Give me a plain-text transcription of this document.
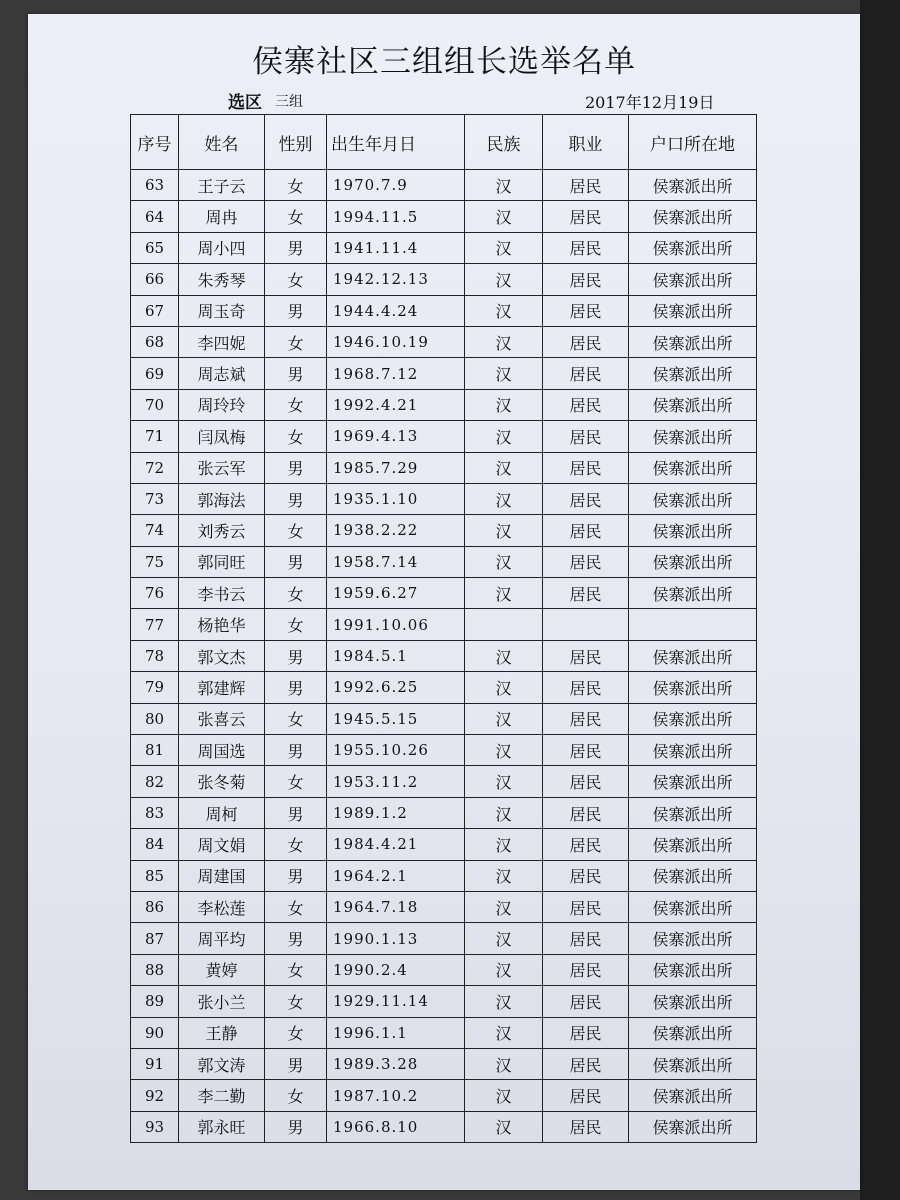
侯寨社区三组组长选举名单
选区 三组	2017年12月19日
序号	姓名	性别	出生年月日	民族	职业	户口所在地
63	王子云	女	1970.7.9	汉	居民	侯寨派出所
64	周冉	女	1994.11.5	汉	居民	侯寨派出所
65	周小四	男	1941.11.4	汉	居民	侯寨派出所
66	朱秀琴	女	1942.12.13	汉	居民	侯寨派出所
67	周玉奇	男	1944.4.24	汉	居民	侯寨派出所
68	李四妮	女	1946.10.19	汉	居民	侯寨派出所
69	周志斌	男	1968.7.12	汉	居民	侯寨派出所
70	周玲玲	女	1992.4.21	汉	居民	侯寨派出所
71	闫凤梅	女	1969.4.13	汉	居民	侯寨派出所
72	张云军	男	1985.7.29	汉	居民	侯寨派出所
73	郭海法	男	1935.1.10	汉	居民	侯寨派出所
74	刘秀云	女	1938.2.22	汉	居民	侯寨派出所
75	郭同旺	男	1958.7.14	汉	居民	侯寨派出所
76	李书云	女	1959.6.27	汉	居民	侯寨派出所
77	杨艳华	女	1991.10.06			
78	郭文杰	男	1984.5.1	汉	居民	侯寨派出所
79	郭建辉	男	1992.6.25	汉	居民	侯寨派出所
80	张喜云	女	1945.5.15	汉	居民	侯寨派出所
81	周国选	男	1955.10.26	汉	居民	侯寨派出所
82	张冬菊	女	1953.11.2	汉	居民	侯寨派出所
83	周柯	男	1989.1.2	汉	居民	侯寨派出所
84	周文娟	女	1984.4.21	汉	居民	侯寨派出所
85	周建国	男	1964.2.1	汉	居民	侯寨派出所
86	李松莲	女	1964.7.18	汉	居民	侯寨派出所
87	周平均	男	1990.1.13	汉	居民	侯寨派出所
88	黄婷	女	1990.2.4	汉	居民	侯寨派出所
89	张小兰	女	1929.11.14	汉	居民	侯寨派出所
90	王静	女	1996.1.1	汉	居民	侯寨派出所
91	郭文涛	男	1989.3.28	汉	居民	侯寨派出所
92	李二勤	女	1987.10.2	汉	居民	侯寨派出所
93	郭永旺	男	1966.8.10	汉	居民	侯寨派出所
